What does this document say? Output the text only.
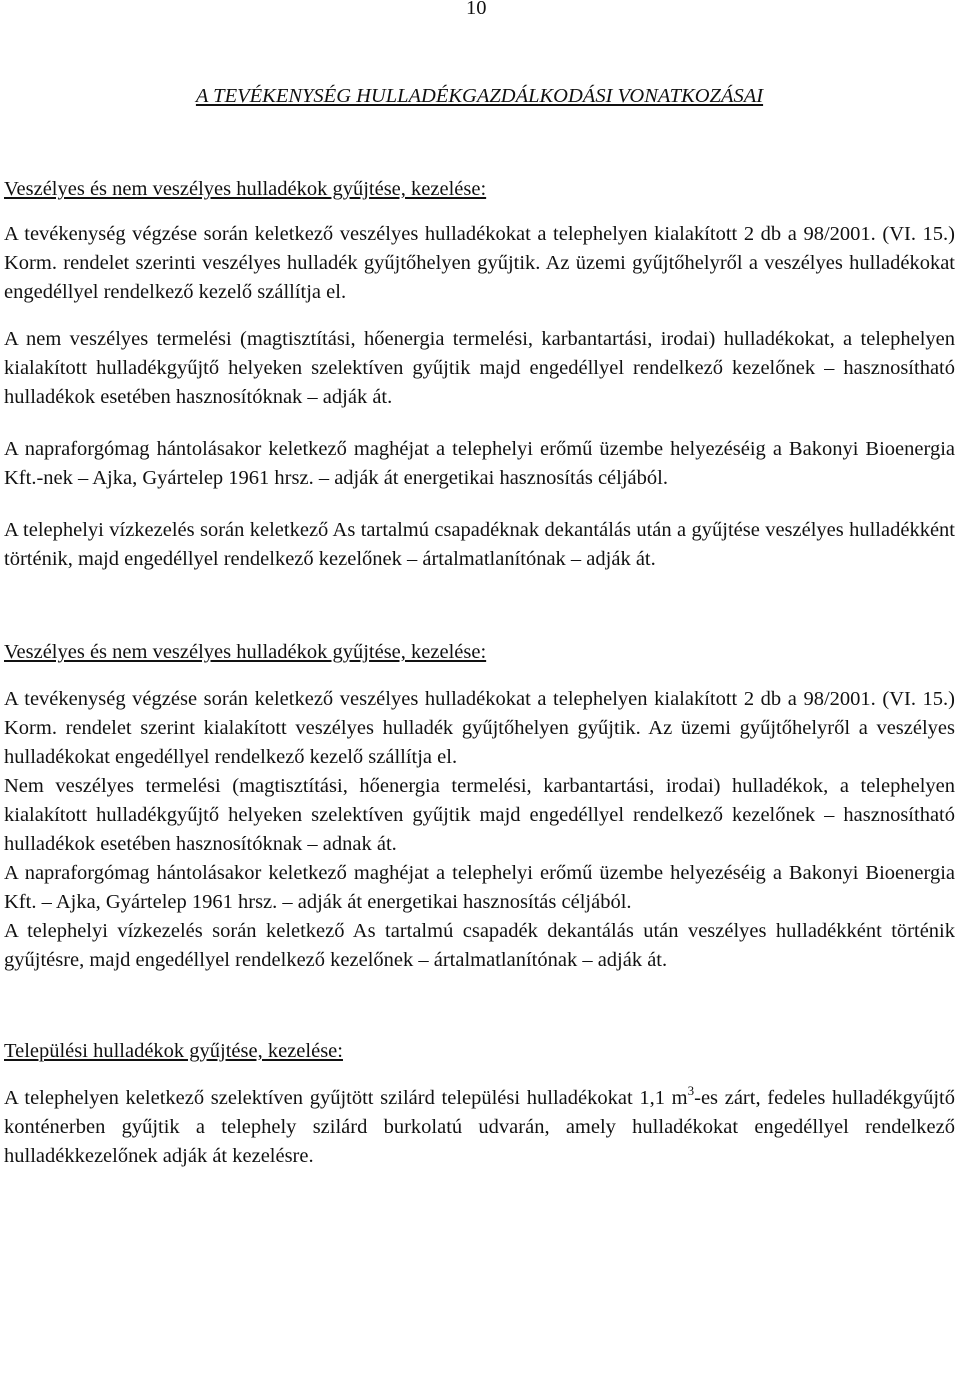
10
A TEVÉKENYSÉG HULLADÉKGAZDÁLKODÁSI VONATKOZÁSAI
Veszélyes és nem veszélyes hulladékok gyűjtése, kezelése:

A tevékenység végzése során keletkező veszélyes hulladékokat a telephelyen kialakított 2 db a 98/2001. (VI. 15.) Korm. rendelet szerinti veszélyes hulladék gyűjtőhelyen gyűjtik. Az üzemi gyűjtőhelyről a veszélyes hulladékokat engedéllyel rendelkező kezelő szállítja el.

A nem veszélyes termelési (magtisztítási, hőenergia termelési, karbantartási, irodai) hulladékokat, a telephelyen kialakított hulladékgyűjtő helyeken szelektíven gyűjtik majd engedéllyel rendelkező kezelőnek – hasznosítható hulladékok esetében hasznosítóknak – adják át.

A napraforgómag hántolásakor keletkező maghéjat a telephelyi erőmű üzembe helyezéséig a Bakonyi Bioenergia Kft.-nek – Ajka, Gyártelep 1961 hrsz. – adják át energetikai hasznosítás céljából.

A telephelyi vízkezelés során keletkező As tartalmú csapadéknak dekantálás után a gyűjtése veszélyes hulladékként történik, majd engedéllyel rendelkező kezelőnek – ártalmatlanítónak – adják át.

Veszélyes és nem veszélyes hulladékok gyűjtése, kezelése:

A tevékenység végzése során keletkező veszélyes hulladékokat a telephelyen kialakított 2 db a 98/2001. (VI. 15.) Korm. rendelet szerint kialakított veszélyes hulladék gyűjtőhelyen gyűjtik. Az üzemi gyűjtőhelyről a veszélyes hulladékokat engedéllyel rendelkező kezelő szállítja el.

Nem veszélyes termelési (magtisztítási, hőenergia termelési, karbantartási, irodai) hulladékok, a telephelyen kialakított hulladékgyűjtő helyeken szelektíven gyűjtik majd engedéllyel rendelkező kezelőnek – hasznosítható hulladékok esetében hasznosítóknak – adnak át.

A napraforgómag hántolásakor keletkező maghéjat a telephelyi erőmű üzembe helyezéséig a Bakonyi Bioenergia Kft. – Ajka, Gyártelep 1961 hrsz. – adják át energetikai hasznosítás céljából.

A telephelyi vízkezelés során keletkező As tartalmú csapadék dekantálás után veszélyes hulladékként történik gyűjtésre, majd engedéllyel rendelkező kezelőnek – ártalmatlanítónak – adják át.

Települési hulladékok gyűjtése, kezelése:

A telephelyen keletkező szelektíven gyűjtött szilárd települési hulladékokat 1,1 $m^3-es$ zárt, fedeles hulladékgyűjtő konténerben gyűjtik a telephely szilárd burkolatú udvarán, amely hulladékokat engedéllyel rendelkező hulladékkezelőnek adják át kezelésre.
